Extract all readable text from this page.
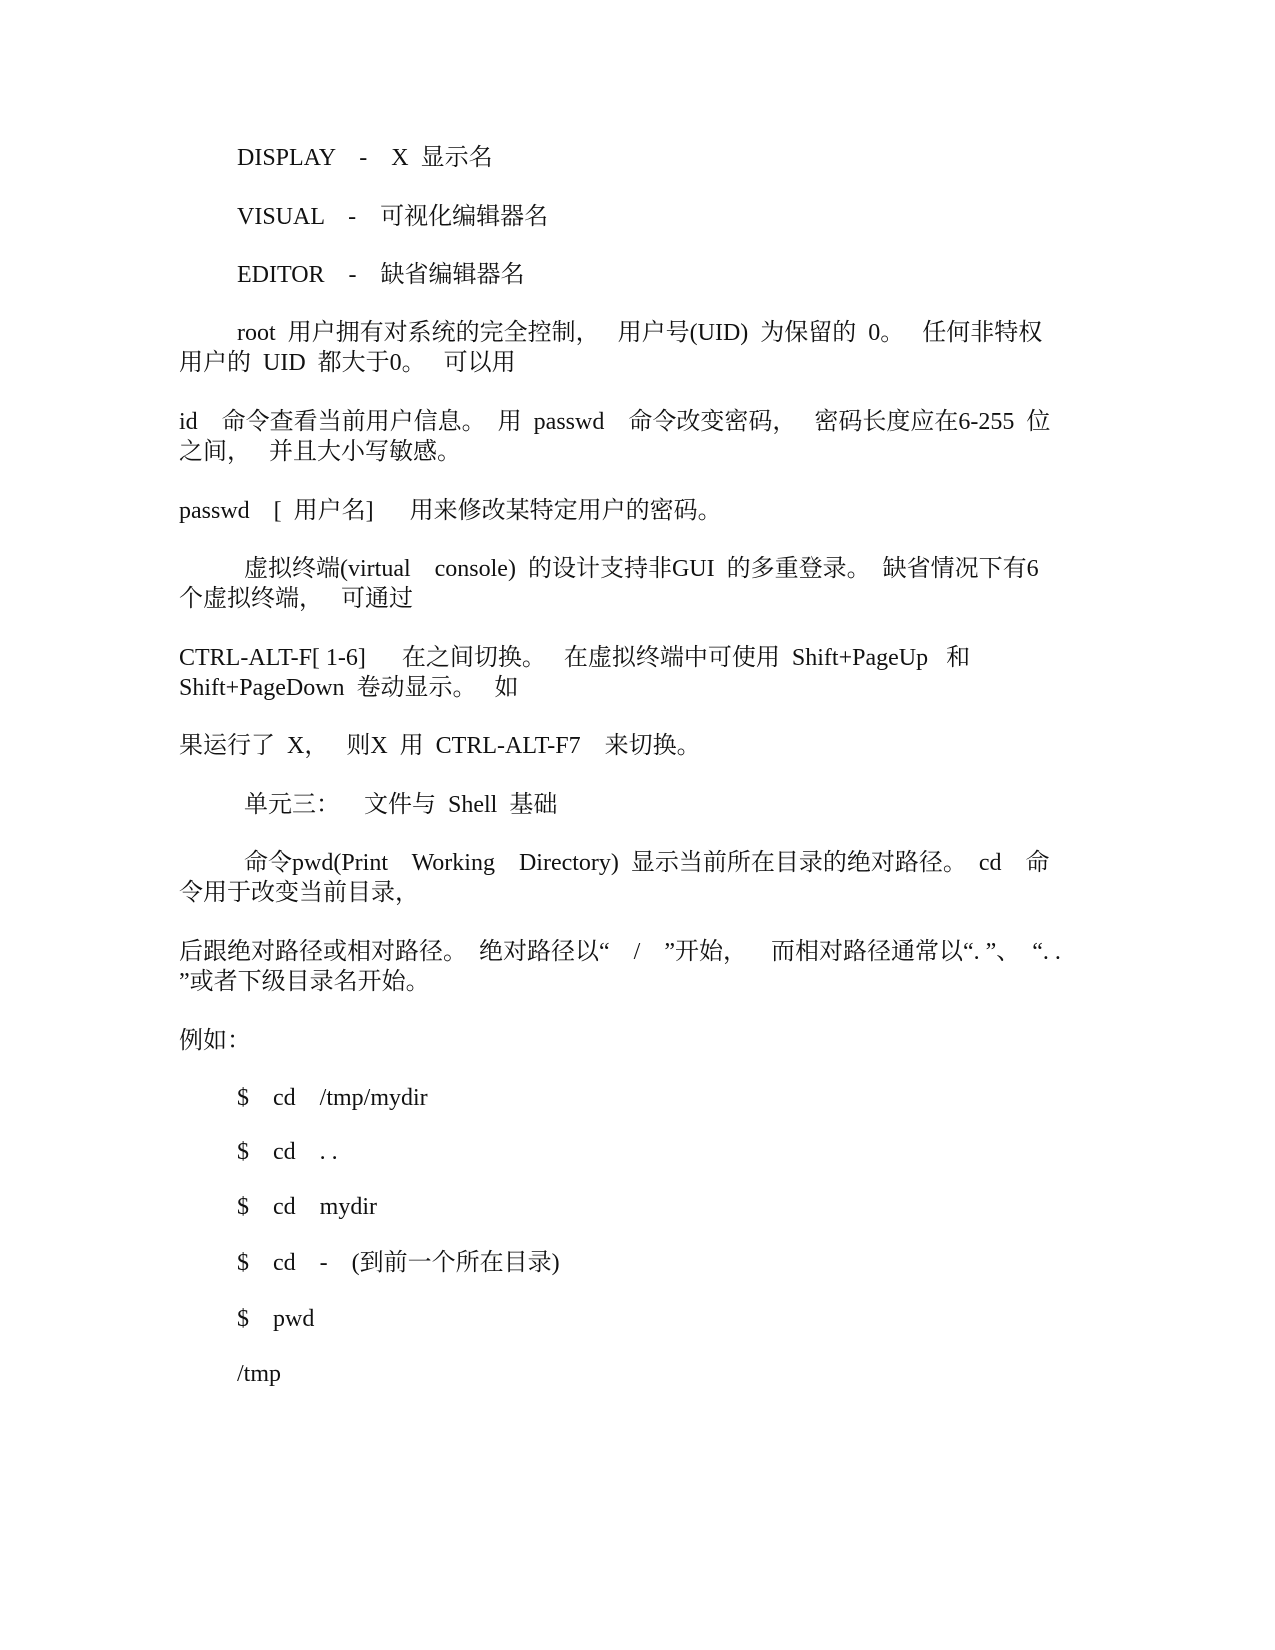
DISPLAY    -    X  显示名
VISUAL    -    可视化编辑器名
EDITOR    -    缺省编辑器名
root  用户拥有对系统的完全控制，   用户号(UID)  为保留的  0。   任何非特权
用户的  UID  都大于0。   可以用
id    命令查看当前用户信息。  用  passwd    命令改变密码，   密码长度应在6-255  位
之间，   并且大小写敏感。
passwd    [  用户名]      用来修改某特定用户的密码。
虚拟终端(virtual    console)  的设计支持非GUI  的多重登录。  缺省情况下有6
个虚拟终端，   可通过
CTRL-ALT-F[ 1-6]      在之间切换。   在虚拟终端中可使用  Shift+PageUp   和
Shift+PageDown  卷动显示。   如
果运行了  X，   则X  用  CTRL-ALT-F7    来切换。
单元三：    文件与  Shell  基础
命令pwd(Print    Working    Directory)  显示当前所在目录的绝对路径。  cd    命
令用于改变当前目录，
后跟绝对路径或相对路径。  绝对路径以“    /    ”开始，    而相对路径通常以“. ”、  “. .
”或者下级目录名开始。
例如：
$    cd    /tmp/mydir
$    cd    . .
$    cd    mydir
$    cd    -    (到前一个所在目录)
$    pwd
/tmp
